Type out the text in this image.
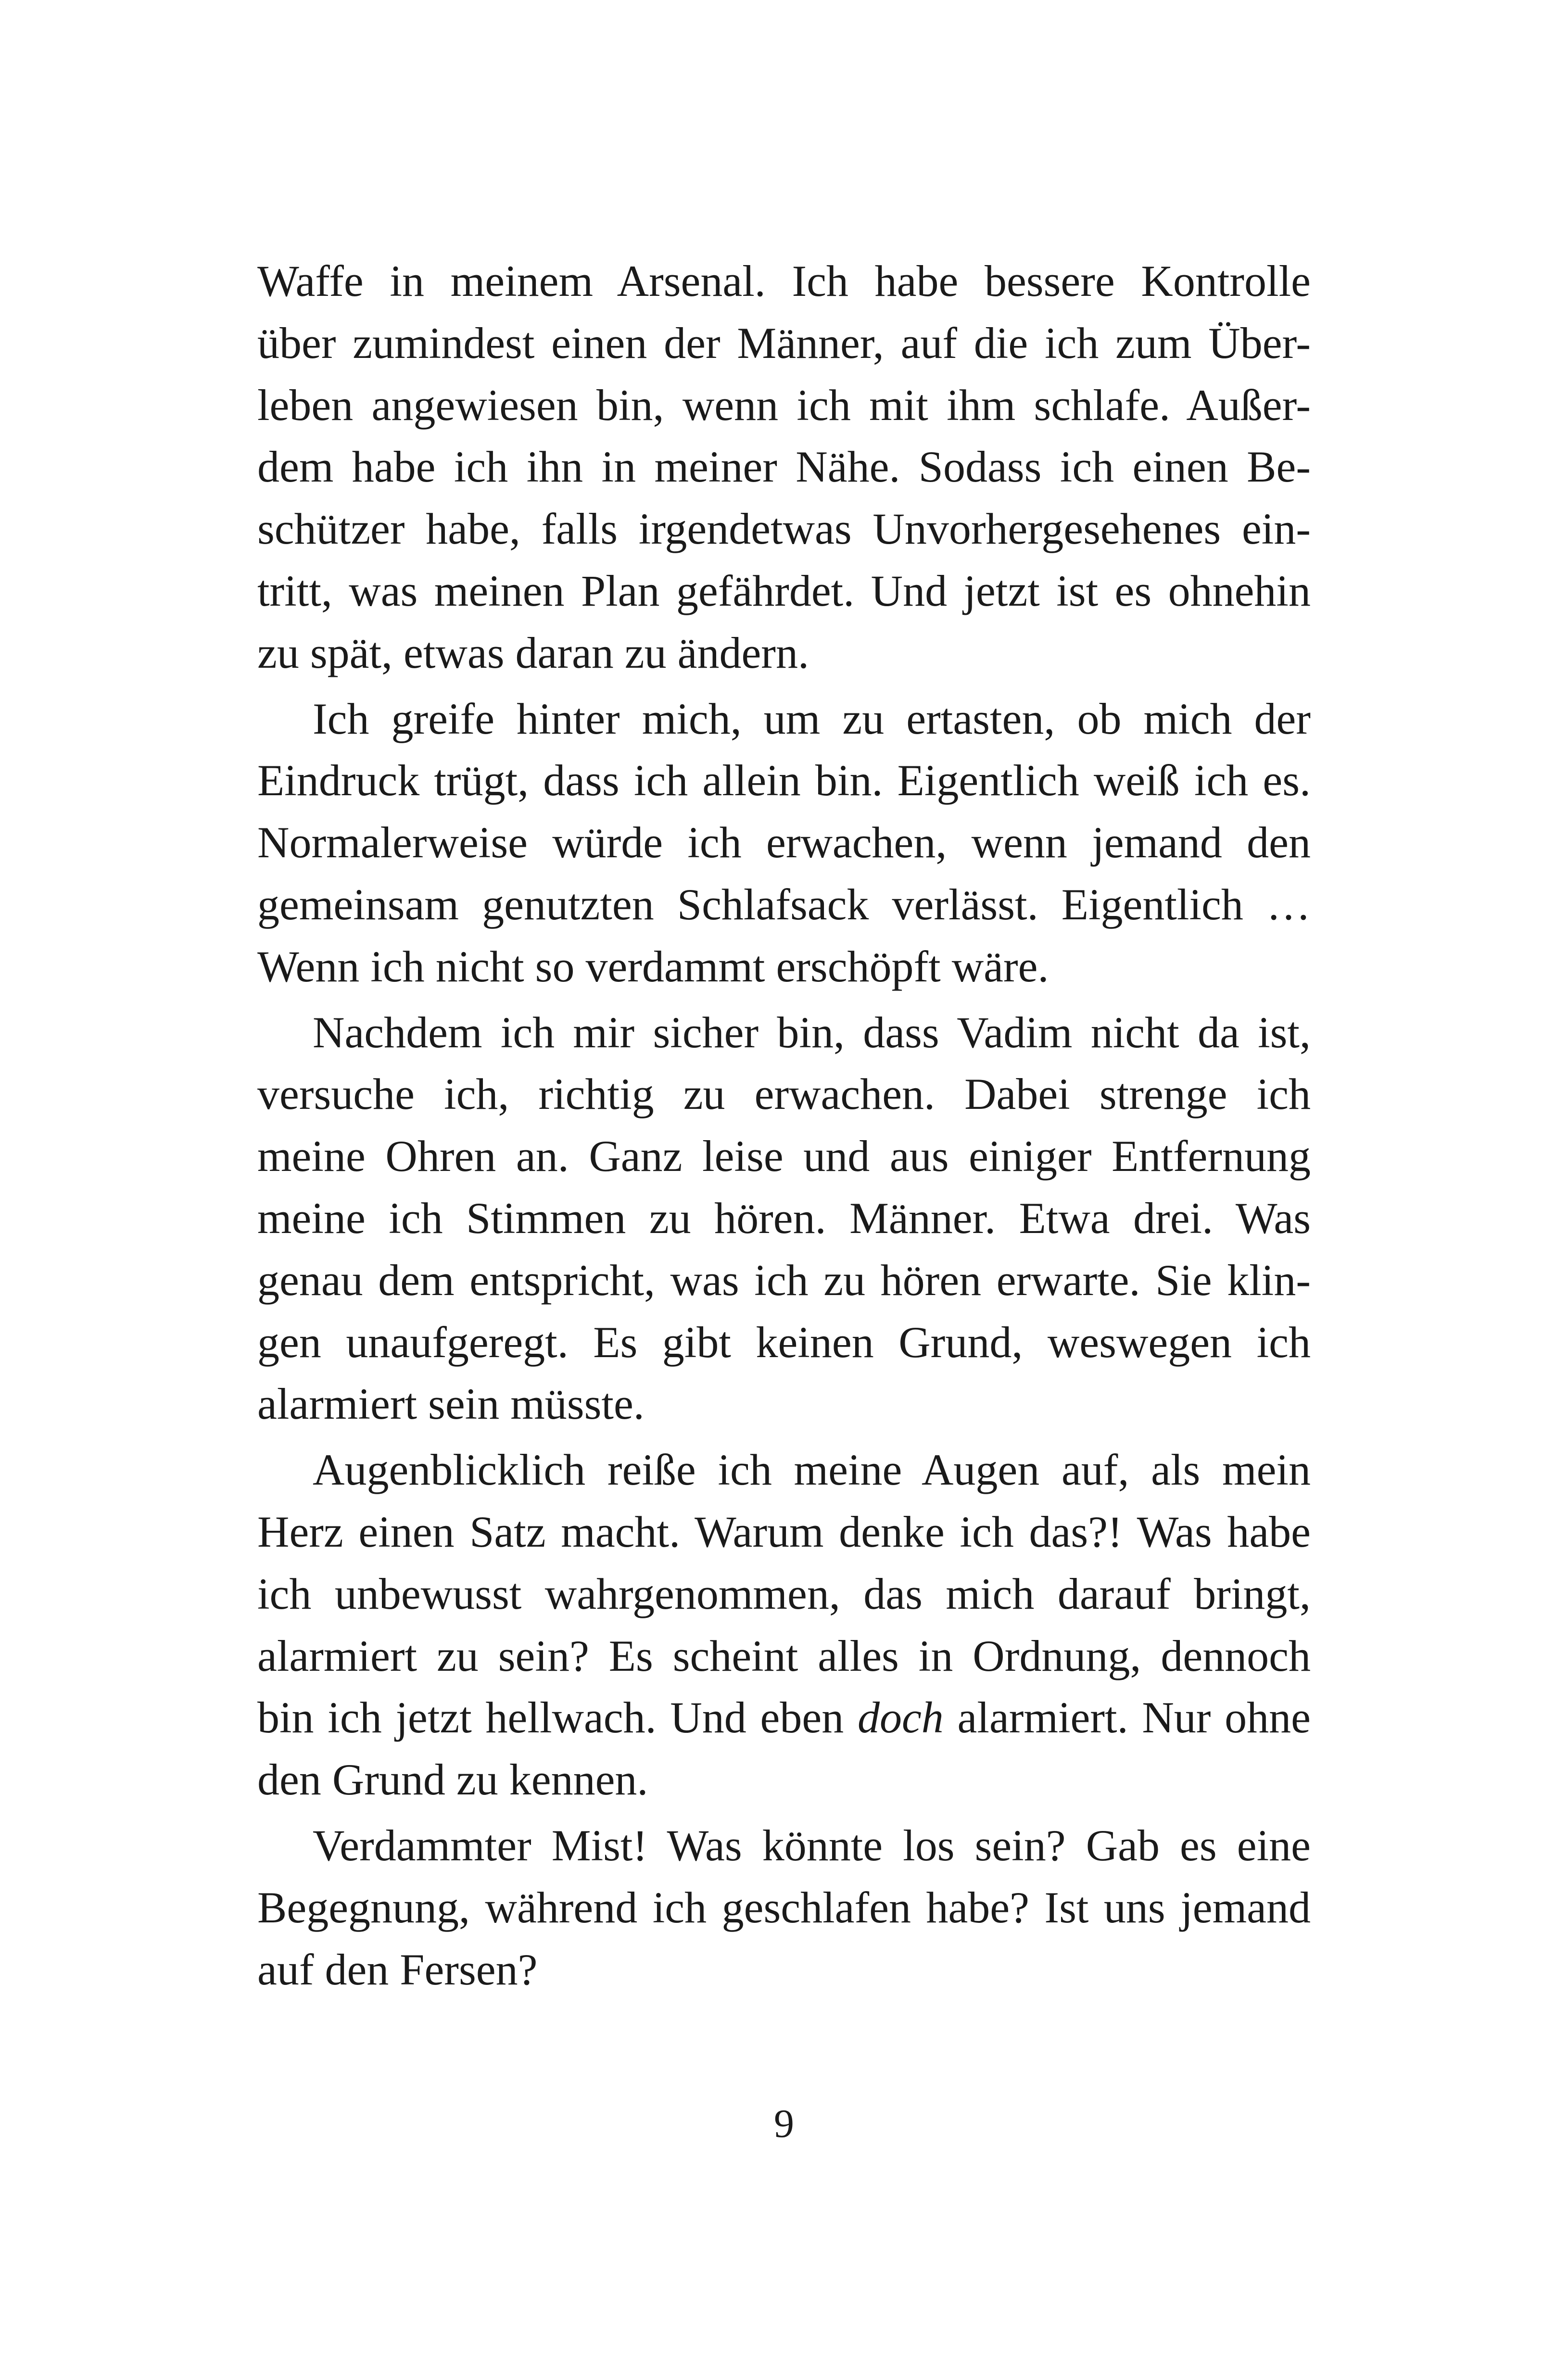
Waffe in meinem Arsenal. Ich habe bessere Kontrolle
über zumindest einen der Männer, auf die ich zum Über-
leben angewiesen bin, wenn ich mit ihm schlafe. Außer-
dem habe ich ihn in meiner Nähe. Sodass ich einen Be-
schützer habe, falls irgendetwas Unvorhergesehenes ein-
tritt, was meinen Plan gefährdet. Und jetzt ist es ohnehin
zu spät, etwas daran zu ändern.
Ich greife hinter mich, um zu ertasten, ob mich der
Eindruck trügt, dass ich allein bin. Eigentlich weiß ich es.
Normalerweise würde ich erwachen, wenn jemand den
gemeinsam genutzten Schlafsack verlässt. Eigentlich …
Wenn ich nicht so verdammt erschöpft wäre.
Nachdem ich mir sicher bin, dass Vadim nicht da ist,
versuche ich, richtig zu erwachen. Dabei strenge ich
meine Ohren an. Ganz leise und aus einiger Entfernung
meine ich Stimmen zu hören. Männer. Etwa drei. Was
genau dem entspricht, was ich zu hören erwarte. Sie klin-
gen unaufgeregt. Es gibt keinen Grund, weswegen ich
alarmiert sein müsste.
Augenblicklich reiße ich meine Augen auf, als mein
Herz einen Satz macht. Warum denke ich das?! Was habe
ich unbewusst wahrgenommen, das mich darauf bringt,
alarmiert zu sein? Es scheint alles in Ordnung, dennoch
bin ich jetzt hellwach. Und eben doch alarmiert. Nur ohne
den Grund zu kennen.
Verdammter Mist! Was könnte los sein? Gab es eine
Begegnung, während ich geschlafen habe? Ist uns jemand
auf den Fersen?
9
